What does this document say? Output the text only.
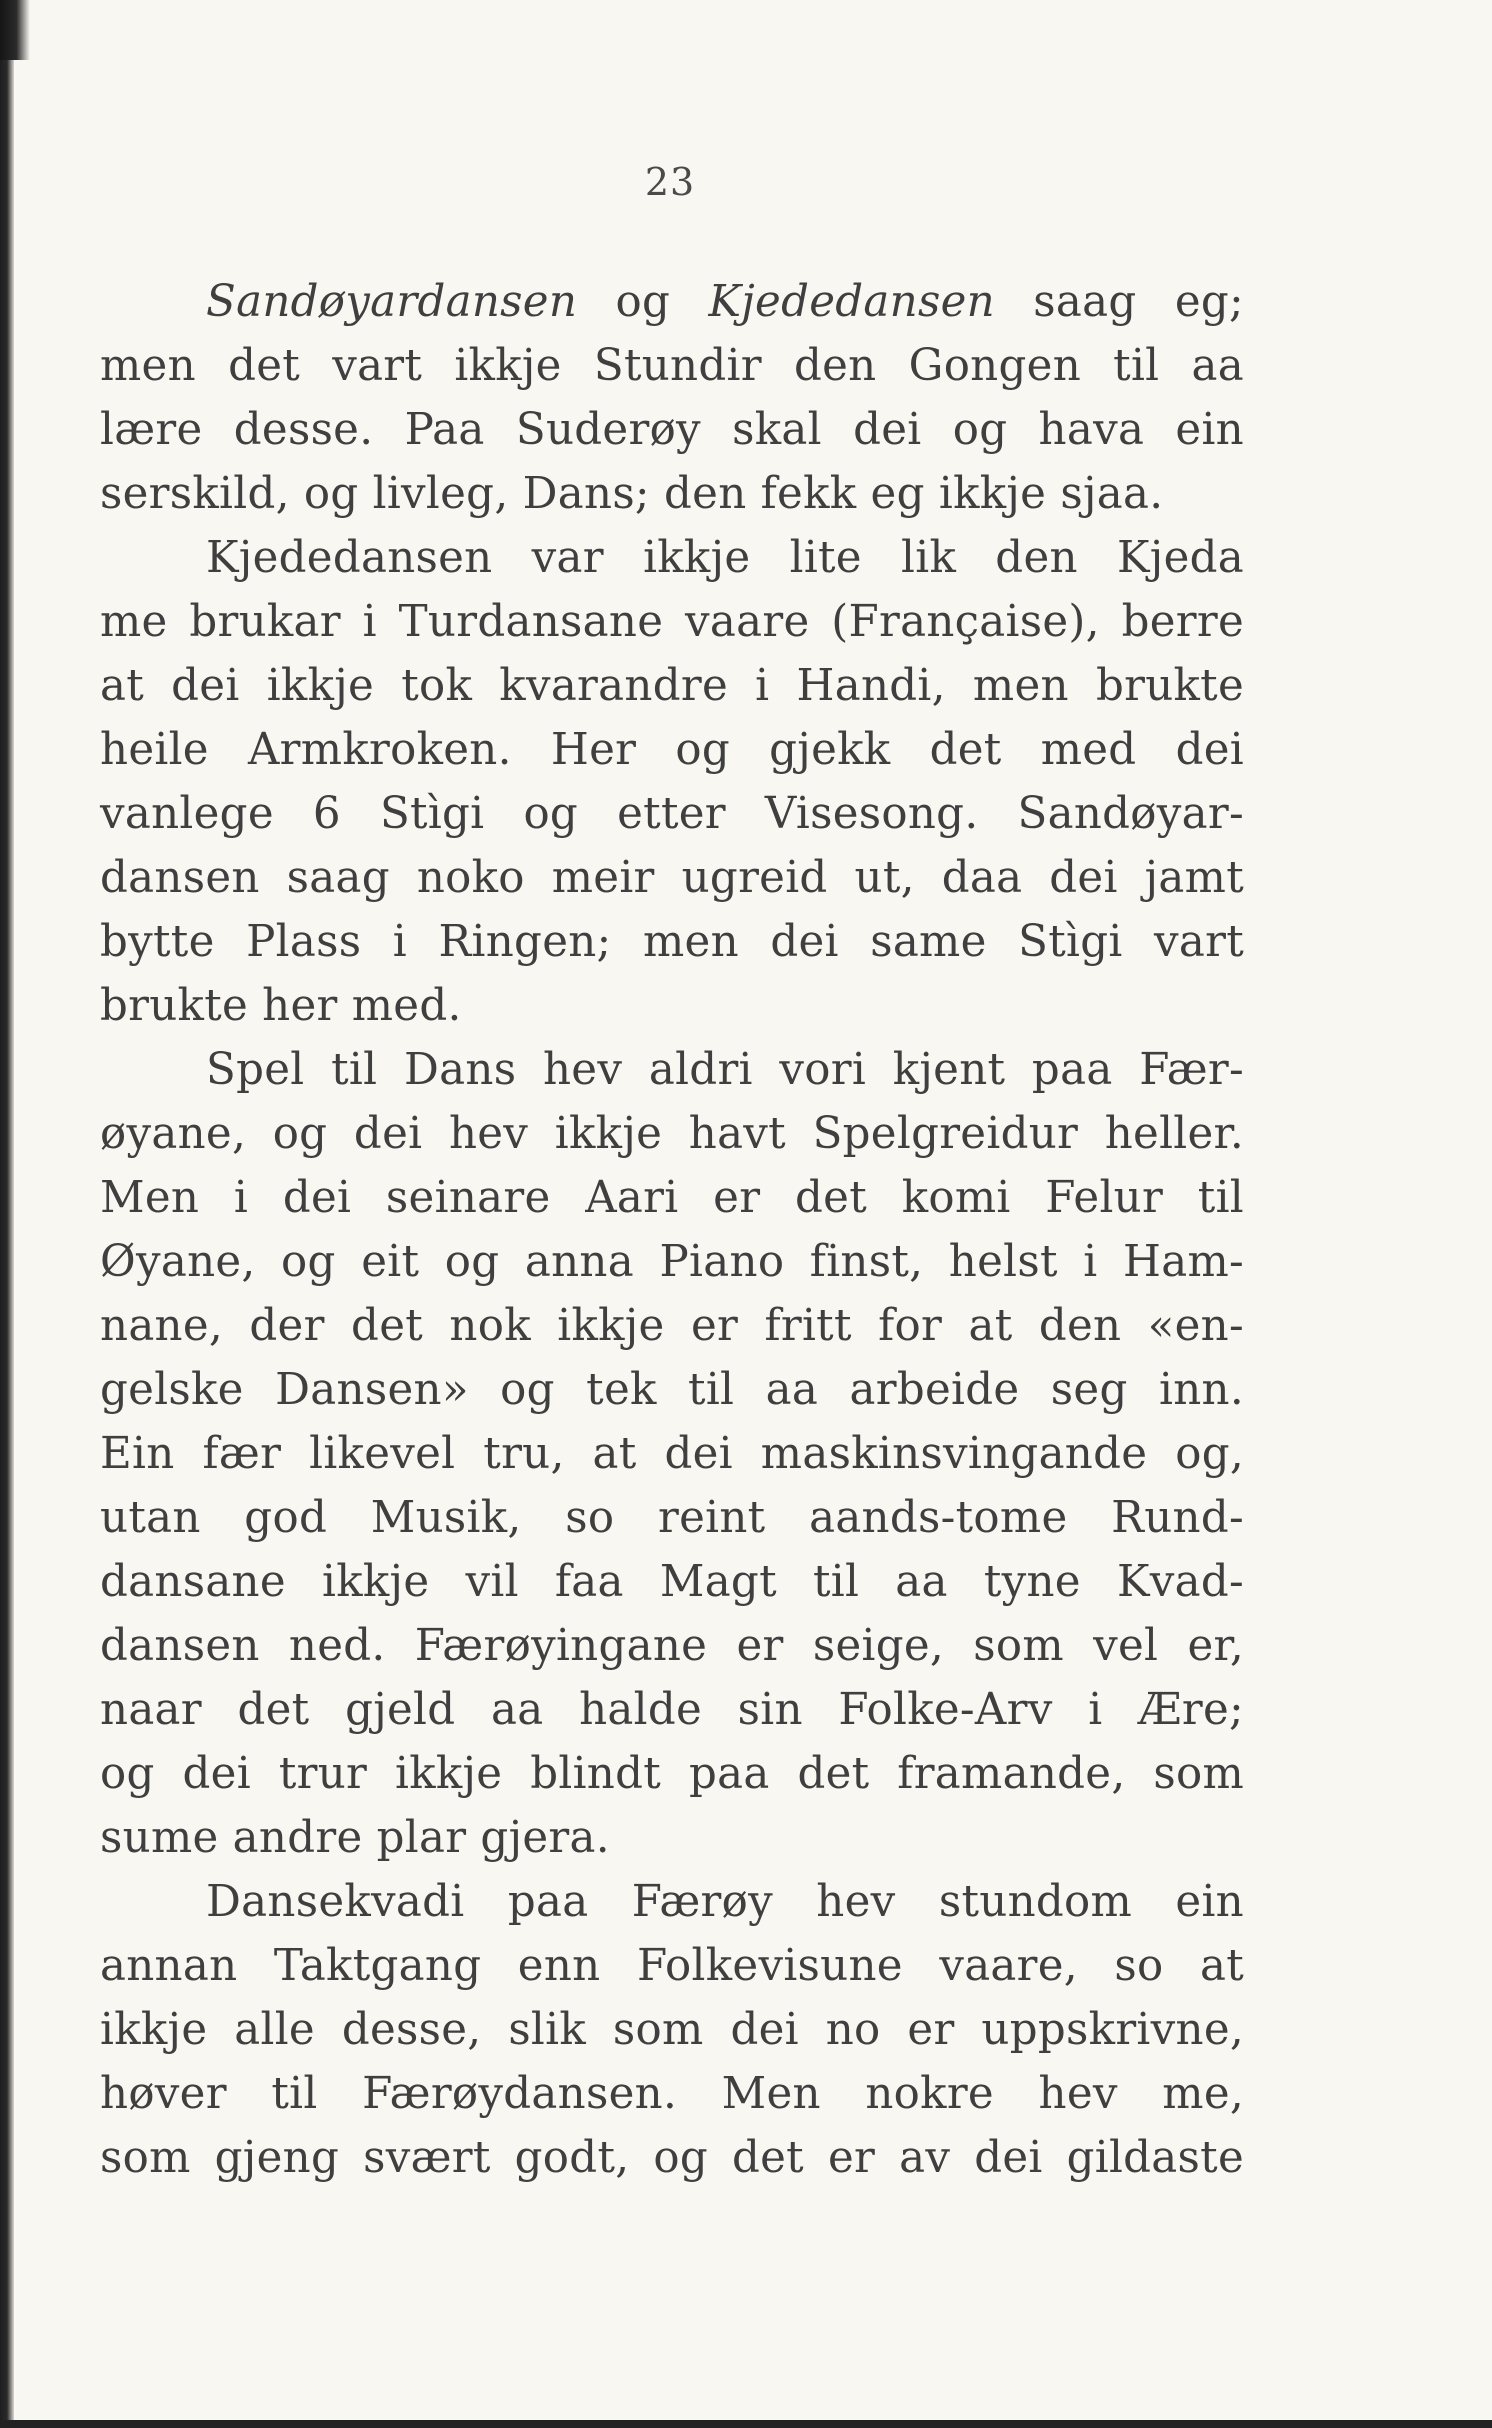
23
Sandøyardansen og Kjededansen saag eg;
men det vart ikkje Stundir den Gongen til aa
lære desse. Paa Suderøy skal dei og hava ein
serskild, og livleg, Dans; den fekk eg ikkje sjaa.
Kjededansen var ikkje lite lik den Kjeda
me brukar i Turdansane vaare (Française), berre
at dei ikkje tok kvarandre i Handi, men brukte
heile Armkroken. Her og gjekk det med dei
vanlege 6 Stìgi og etter Visesong. Sandøyar-
dansen saag noko meir ugreid ut, daa dei jamt
bytte Plass i Ringen; men dei same Stìgi vart
brukte her med.
Spel til Dans hev aldri vori kjent paa Fær-
øyane, og dei hev ikkje havt Spelgreidur heller.
Men i dei seinare Aari er det komi Felur til
Øyane, og eit og anna Piano finst, helst i Ham-
nane, der det nok ikkje er fritt for at den «en-
gelske Dansen» og tek til aa arbeide seg inn.
Ein fær likevel tru, at dei maskinsvingande og,
utan god Musik, so reint aands-tome Rund-
dansane ikkje vil faa Magt til aa tyne Kvad-
dansen ned. Færøyingane er seige, som vel er,
naar det gjeld aa halde sin Folke-Arv i Ære;
og dei trur ikkje blindt paa det framande, som
sume andre plar gjera.
Dansekvadi paa Færøy hev stundom ein
annan Taktgang enn Folkevisune vaare, so at
ikkje alle desse, slik som dei no er uppskrivne,
høver til Færøydansen. Men nokre hev me,
som gjeng svært godt, og det er av dei gildaste
